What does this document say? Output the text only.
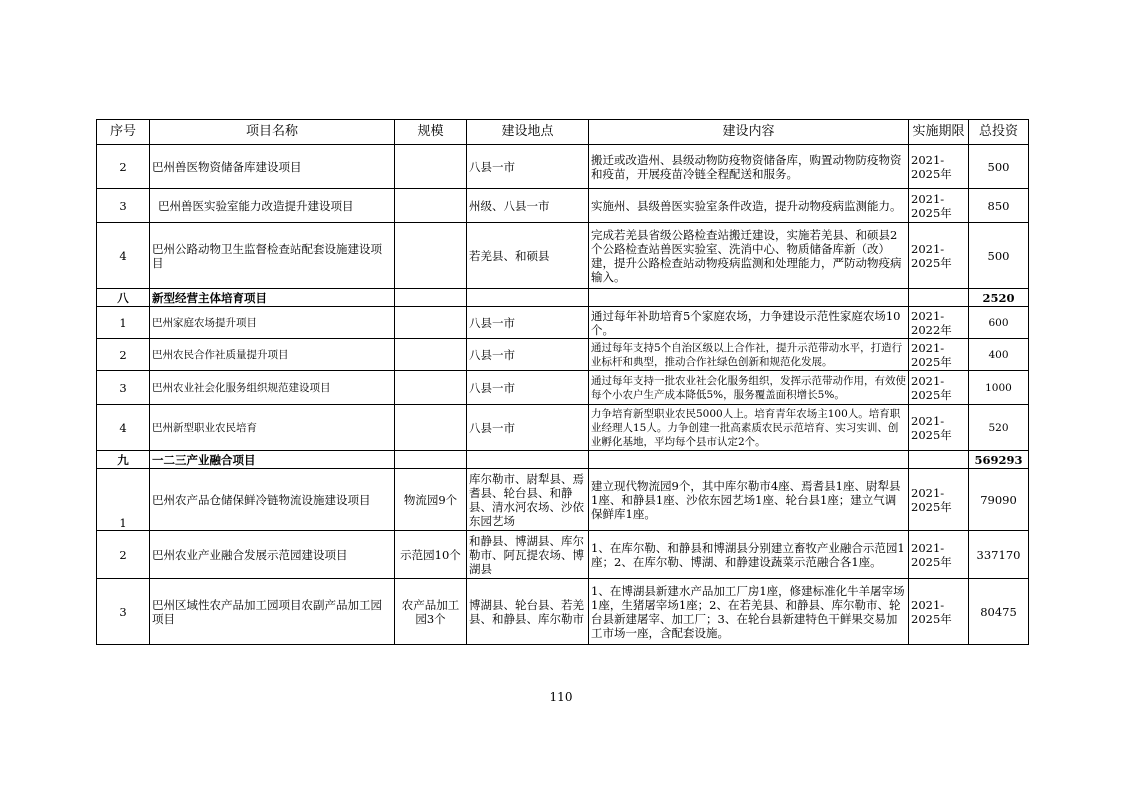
序号	项目名称	规模	建设地点	建设内容	实施期限	总投资
2	巴州兽医物资储备库建设项目		八县一市	搬迁或改造州、县级动物防疫物资储备库，购置动物防疫物资和疫苗，开展疫苗冷链全程配送和服务。	2021-2025年	500
3	巴州兽医实验室能力改造提升建设项目		州级、八县一市	实施州、县级兽医实验室条件改造，提升动物疫病监测能力。	2021-2025年	850
4	巴州公路动物卫生监督检查站配套设施建设项目		若羌县、和硕县	完成若羌县省级公路检查站搬迁建设，实施若羌县、和硕县2个公路检查站兽医实验室、洗消中心、物质储备库新（改）建，提升公路检查站动物疫病监测和处理能力，严防动物疫病输入。	2021-2025年	500
八	新型经营主体培育项目					2520
1	巴州家庭农场提升项目		八县一市	通过每年补助培育5个家庭农场，力争建设示范性家庭农场10个。	2021-2022年	600
2	巴州农民合作社质量提升项目		八县一市	通过每年支持5个自治区级以上合作社，提升示范带动水平，打造行业标杆和典型，推动合作社绿色创新和规范化发展。	2021-2025年	400
3	巴州农业社会化服务组织规范建设项目		八县一市	通过每年支持一批农业社会化服务组织，发挥示范带动作用，有效使每个小农户生产成本降低5%，服务覆盖面积增长5%。	2021-2025年	1000
4	巴州新型职业农民培育		八县一市	力争培育新型职业农民5000人上。培育青年农场主100人。培育职业经理人15人。力争创建一批高素质农民示范培育、实习实训、创业孵化基地，平均每个县市认定2个。	2021-2025年	520
九	一二三产业融合项目					569293
1	巴州农产品仓储保鲜冷链物流设施建设项目	物流园9个	库尔勒市、尉犁县、焉耆县、轮台县、和静县、清水河农场、沙依东园艺场	建立现代物流园9个，其中库尔勒市4座、焉耆县1座、尉犁县1座、和静县1座、沙依东园艺场1座、轮台县1座；建立气调保鲜库1座。	2021-2025年	79090
2	巴州农业产业融合发展示范园建设项目	示范园10个	和静县、博湖县、库尔勒市、阿瓦提农场、博湖县	1、在库尔勒、和静县和博湖县分别建立畜牧产业融合示范园1座；2、在库尔勒、博湖、和静建设蔬菜示范融合各1座。	2021-2025年	337170
3	巴州区域性农产品加工园项目农副产品加工园项目	农产品加工园3个	博湖县、轮台县、若羌县、和静县、库尔勒市	1、在博湖县新建水产品加工厂房1座，修建标准化牛羊屠宰场1座，生猪屠宰场1座；2、在若羌县、和静县、库尔勒市、轮台县新建屠宰、加工厂；3、在轮台县新建特色干鲜果交易加工市场一座，含配套设施。	2021-2025年	80475
110
